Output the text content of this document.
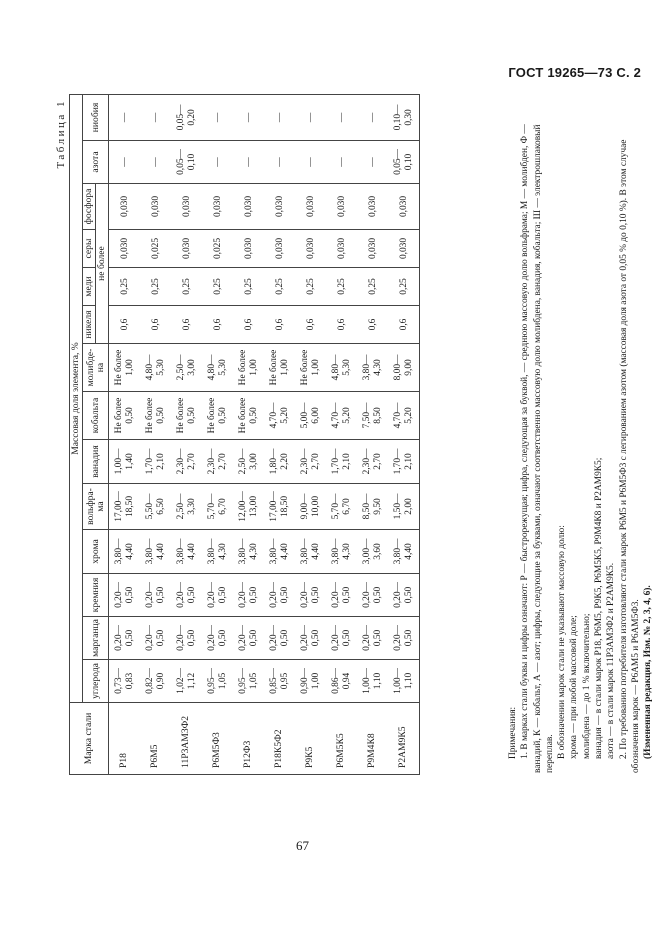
ГОСТ 19265—73 С. 2
67
Таблица 1
Марка стали	Массовая доля элемента, %													
	углерода	марганца	кремния	хрома	вольфра- ма	ванадия	кобальта	молибде- на	никеля	меди	серы	фосфора	азота	ниобия
									не более					
Р18	0,73— 0,83	0,20— 0,50	0,20— 0,50	3,80— 4,40	17,00— 18,50	1,00— 1,40	Не более 0,50	Не более 1,00	0,6	0,25	0,030	0,030	—	—
Р6М5	0,82— 0,90	0,20— 0,50	0,20— 0,50	3,80— 4,40	5,50— 6,50	1,70— 2,10	Не более 0,50	4,80— 5,30	0,6	0,25	0,025	0,030	—	—
11Р3АМ3Ф2	1,02— 1,12	0,20— 0,50	0,20— 0,50	3,80— 4,40	2,50— 3,30	2,30— 2,70	Не более 0,50	2,50— 3,00	0,6	0,25	0,030	0,030	0,05— 0,10	0,05— 0,20
Р6М5Ф3	0,95— 1,05	0,20— 0,50	0,20— 0,50	3,80— 4,30	5,70— 6,70	2,30— 2,70	Не более 0,50	4,80— 5,30	0,6	0,25	0,025	0,030	—	—
Р12Ф3	0,95— 1,05	0,20— 0,50	0,20— 0,50	3,80— 4,30	12,00— 13,00	2,50— 3,00	Не более 0,50	Не более 1,00	0,6	0,25	0,030	0,030	—	—
Р18К5Ф2	0,85— 0,95	0,20— 0,50	0,20— 0,50	3,80— 4,40	17,00— 18,50	1,80— 2,20	4,70— 5,20	Не более 1,00	0,6	0,25	0,030	0,030	—	—
Р9К5	0,90— 1,00	0,20— 0,50	0,20— 0,50	3,80— 4,40	9,00— 10,00	2,30— 2,70	5,00— 6,00	Не более 1,00	0,6	0,25	0,030	0,030	—	—
Р6М5К5	0,86— 0,94	0,20— 0,50	0,20— 0,50	3,80— 4,30	5,70— 6,70	1,70— 2,10	4,70— 5,20	4,80— 5,30	0,6	0,25	0,030	0,030	—	—
Р9М4К8	1,00— 1,10	0,20— 0,50	0,20— 0,50	3,00— 3,60	8,50— 9,50	2,30— 2,70	7,50— 8,50	3,80— 4,30	0,6	0,25	0,030	0,030	—	—
Р2АМ9К5	1,00— 1,10	0,20— 0,50	0,20— 0,50	3,80— 4,40	1,50— 2,00	1,70— 2,10	4,70— 5,20	8,00— 9,00	0,6	0,25	0,030	0,030	0,05— 0,10	0,10— 0,30

Примечания: 1. В марках стали буквы и цифры означают: Р — быстрорежущая; цифра, следующая за буквой, — среднюю массовую долю вольфрама; М — молибден, Ф — ванадий, К — кобальт, А — азот; цифры, следующие за буквами, означают соответственно массовую долю молибдена, ванадия, кобальта; Ш — электрошлаковый переплав. В обозначении марок стали не указывают массовую долю: хрома — при любой массовой доле; молибдена — до 1 % включительно; ванадия — в стали марок Р18, Р6М5, Р9К5, Р6М5К5, Р9М4К8 и Р2АМ9К5; азота — в стали марок 11Р3АМ3Ф2 и Р2АМ9К5. 2. По требованию потребителя изготовляют стали марок Р6М5 и Р6М5Ф3 с легированием азотом (массовая доля азота от 0,05 % до 0,10 %). В этом случае обозначения марок — Р6АМ5 и Р6АМ5Ф3. (Измененная редакция, Изм. № 2, 3, 4, 6).
